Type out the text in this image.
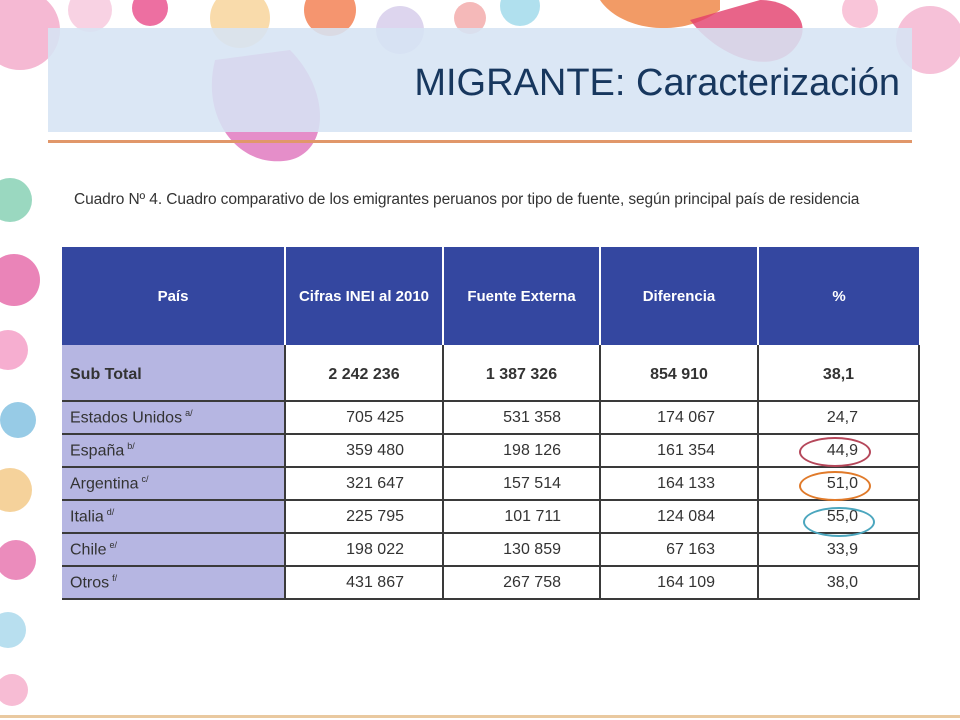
MIGRANTE: Caracterización
Cuadro Nº 4. Cuadro comparativo de los emigrantes peruanos por tipo de fuente, según principal país de residencia
País	Cifras INEI al 2010	Fuente Externa	Diferencia	%
Sub Total	2 242 236	1 387 326	854 910	38,1
Estados Unidos $^{a/}$	705 425	531 358	174 067	24,7
España $^{b/}$	359 480	198 126	161 354	44,9
Argentina $^{c/}$	321 647	157 514	164 133	51,0
Italia $^{d/}$	225 795	101 711	124 084	55,0
Chile $^{e/}$	198 022	130 859	67 163	33,9
Otros $^{f/}$	431 867	267 758	164 109	38,0
